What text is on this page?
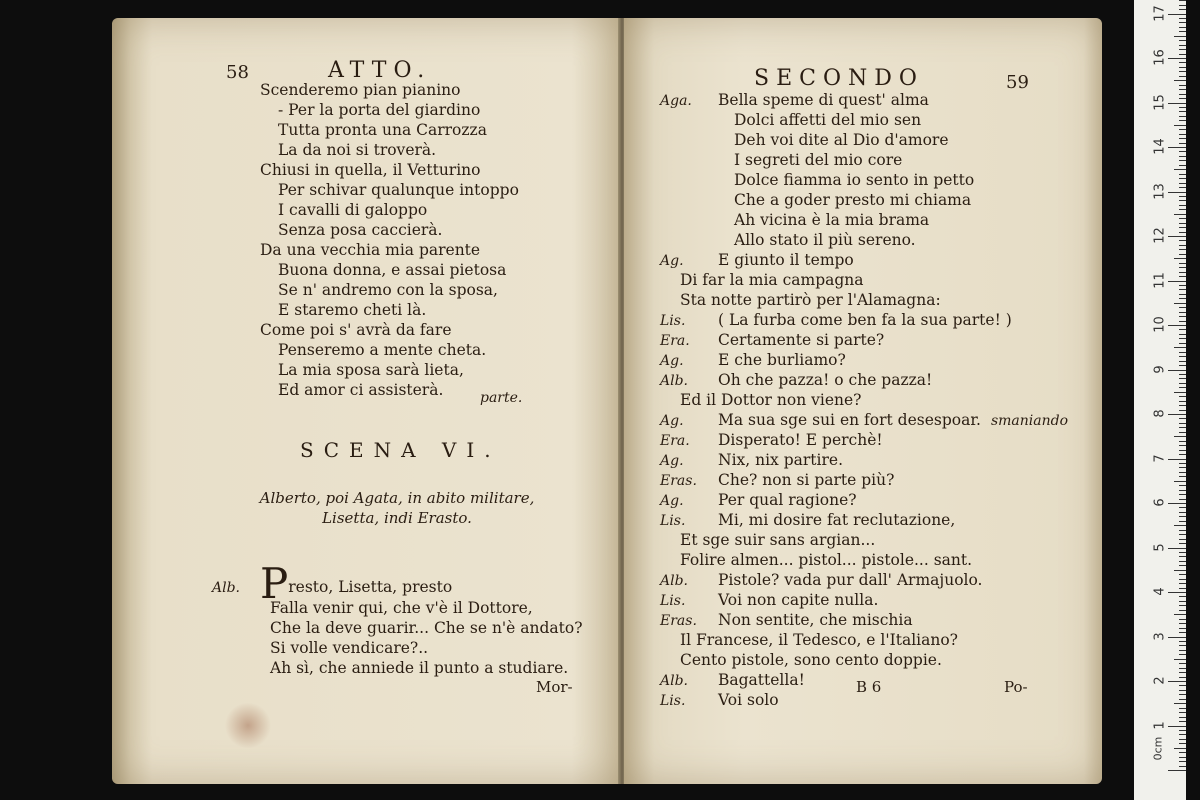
58	ATTO.
Scenderemo pian pianino
- Per la porta del giardino
Tutta pronta una Carrozza
La da noi si troverà.
Chiusi in quella, il Vetturino
Per schivar qualunque intoppo
I cavalli di galoppo
Senza posa caccierà.
Da una vecchia mia parente
Buona donna, e assai pietosa
Se n' andremo con la sposa,
E staremo cheti là.
Come poi s' avrà da fare
Penseremo a mente cheta.
La mia sposa sarà lieta,
Ed amor ci assisterà.	parte.
SCENA VI.
Alberto, poi Agata, in abito militare,
Lisetta, indi Erasto.
Alb. Presto, Lisetta, presto
Falla venir qui, che v'è il Dottore,
Che la deve guarir... Che se n'è andato?
Si volle vendicare?..
Ah sì, che anniede il punto a studiare.
Mor-
SECONDO	59
Aga. Bella speme di quest' alma
Dolci affetti del mio sen
Deh voi dite al Dio d'amore
I segreti del mio core
Dolce fiamma io sento in petto
Che a goder presto mi chiama
Ah vicina è la mia brama
Allo stato il più sereno.
Ag. E giunto il tempo
Di far la mia campagna
Sta notte partirò per l'Alamagna:
Lis. ( La furba come ben fa la sua parte! )
Era. Certamente si parte?
Ag. E che burliamo?
Alb. Oh che pazza! o che pazza!
Ed il Dottor non viene?
Ag. Ma sua sge sui en fort desespoar. smaniando
Era. Disperato! E perchè!
Ag. Nix, nix partire.
Eras. Che? non si parte più?
Ag. Per qual ragione?
Lis. Mi, mi dosire fat reclutazione,
Et sge suir sans argian...
Folire almen... pistol... pistole... sant.
Alb. Pistole? vada pur dall' Armajuolo.
Lis. Voi non capite nulla.
Eras. Non sentite, che mischia
Il Francese, il Tedesco, e l'Italiano?
Cento pistole, sono cento doppie.
Alb. Bagattella!
Lis. Voi solo
B 6	Po-
0cm
1
2
3
4
5
6
7
8
9
10
11
12
13
14
15
16
17
